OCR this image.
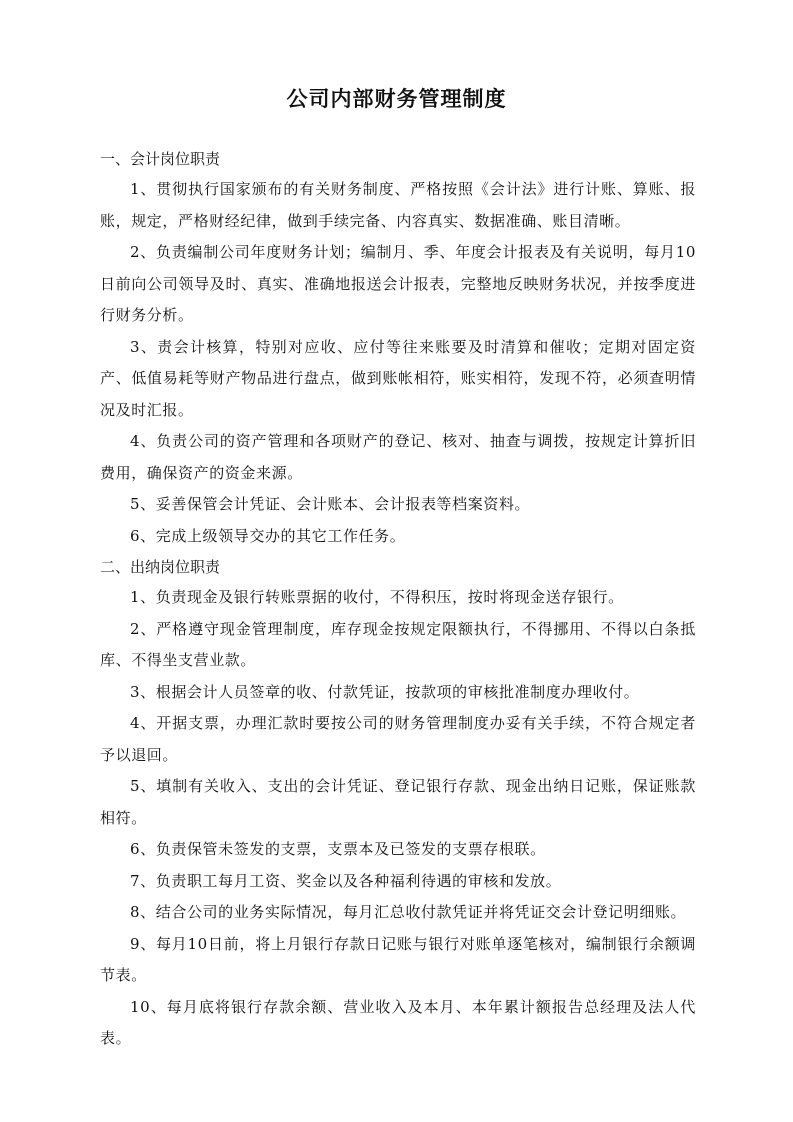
公司内部财务管理制度

一、会计岗位职责

1、贯彻执行国家颁布的有关财务制度、严格按照《会计法》进行计账、算账、报账，规定，严格财经纪律，做到手续完备、内容真实、数据准确、账目清晰。

2、负责编制公司年度财务计划；编制月、季、年度会计报表及有关说明，每月10日前向公司领导及时、真实、准确地报送会计报表，完整地反映财务状况，并按季度进行财务分析。

3、责会计核算，特别对应收、应付等往来账要及时清算和催收；定期对固定资产、低值易耗等财产物品进行盘点，做到账帐相符，账实相符，发现不符，必须查明情况及时汇报。

4、负责公司的资产管理和各项财产的登记、核对、抽查与调拨，按规定计算折旧费用，确保资产的资金来源。

5、妥善保管会计凭证、会计账本、会计报表等档案资料。

6、完成上级领导交办的其它工作任务。

二、出纳岗位职责

1、负责现金及银行转账票据的收付，不得积压，按时将现金送存银行。

2、严格遵守现金管理制度，库存现金按规定限额执行，不得挪用、不得以白条抵库、不得坐支营业款。

3、根据会计人员签章的收、付款凭证，按款项的审核批准制度办理收付。

4、开据支票，办理汇款时要按公司的财务管理制度办妥有关手续，不符合规定者予以退回。

5、填制有关收入、支出的会计凭证、登记银行存款、现金出纳日记账，保证账款相符。

6、负责保管未签发的支票，支票本及已签发的支票存根联。

7、负责职工每月工资、奖金以及各种福利待遇的审核和发放。

8、结合公司的业务实际情况，每月汇总收付款凭证并将凭证交会计登记明细账。

9、每月10日前，将上月银行存款日记账与银行对账单逐笔核对，编制银行余额调节表。

10、每月底将银行存款余额、营业收入及本月、本年累计额报告总经理及法人代表。
